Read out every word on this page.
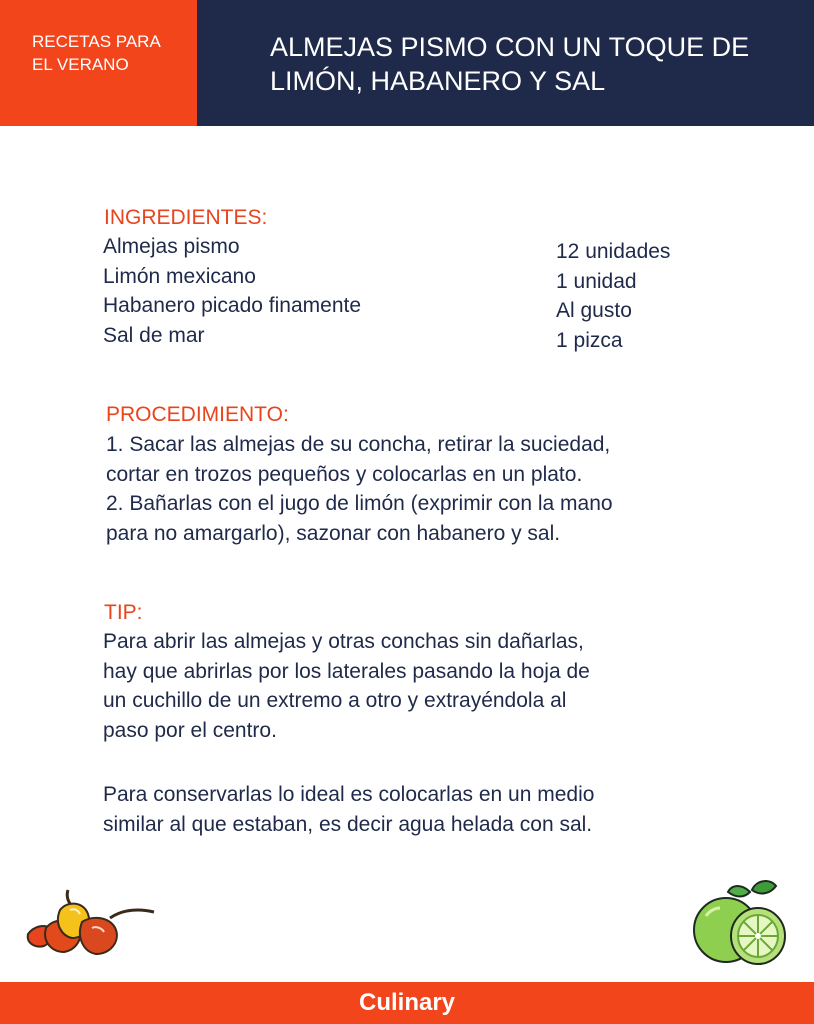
RECETAS PARA EL VERANO
ALMEJAS PISMO CON UN TOQUE DE LIMÓN, HABANERO Y SAL
INGREDIENTES:
Almejas pismo
Limón mexicano
Habanero picado finamente
Sal de mar
12 unidades
1 unidad
Al gusto
1 pizca
PROCEDIMIENTO:
1. Sacar las almejas de su concha, retirar la suciedad,
cortar en trozos pequeños y colocarlas en un plato.
2. Bañarlas con el jugo de limón (exprimir con la mano
para no amargarlo), sazonar con habanero y sal.
TIP:
Para abrir las almejas y otras conchas sin dañarlas,
hay que abrirlas por los laterales pasando la hoja de
un cuchillo de un extremo a otro y extrayéndola al
paso por el centro.
Para conservarlas lo ideal es colocarlas en un medio
similar al que estaban, es decir agua helada con sal.
Culinary
